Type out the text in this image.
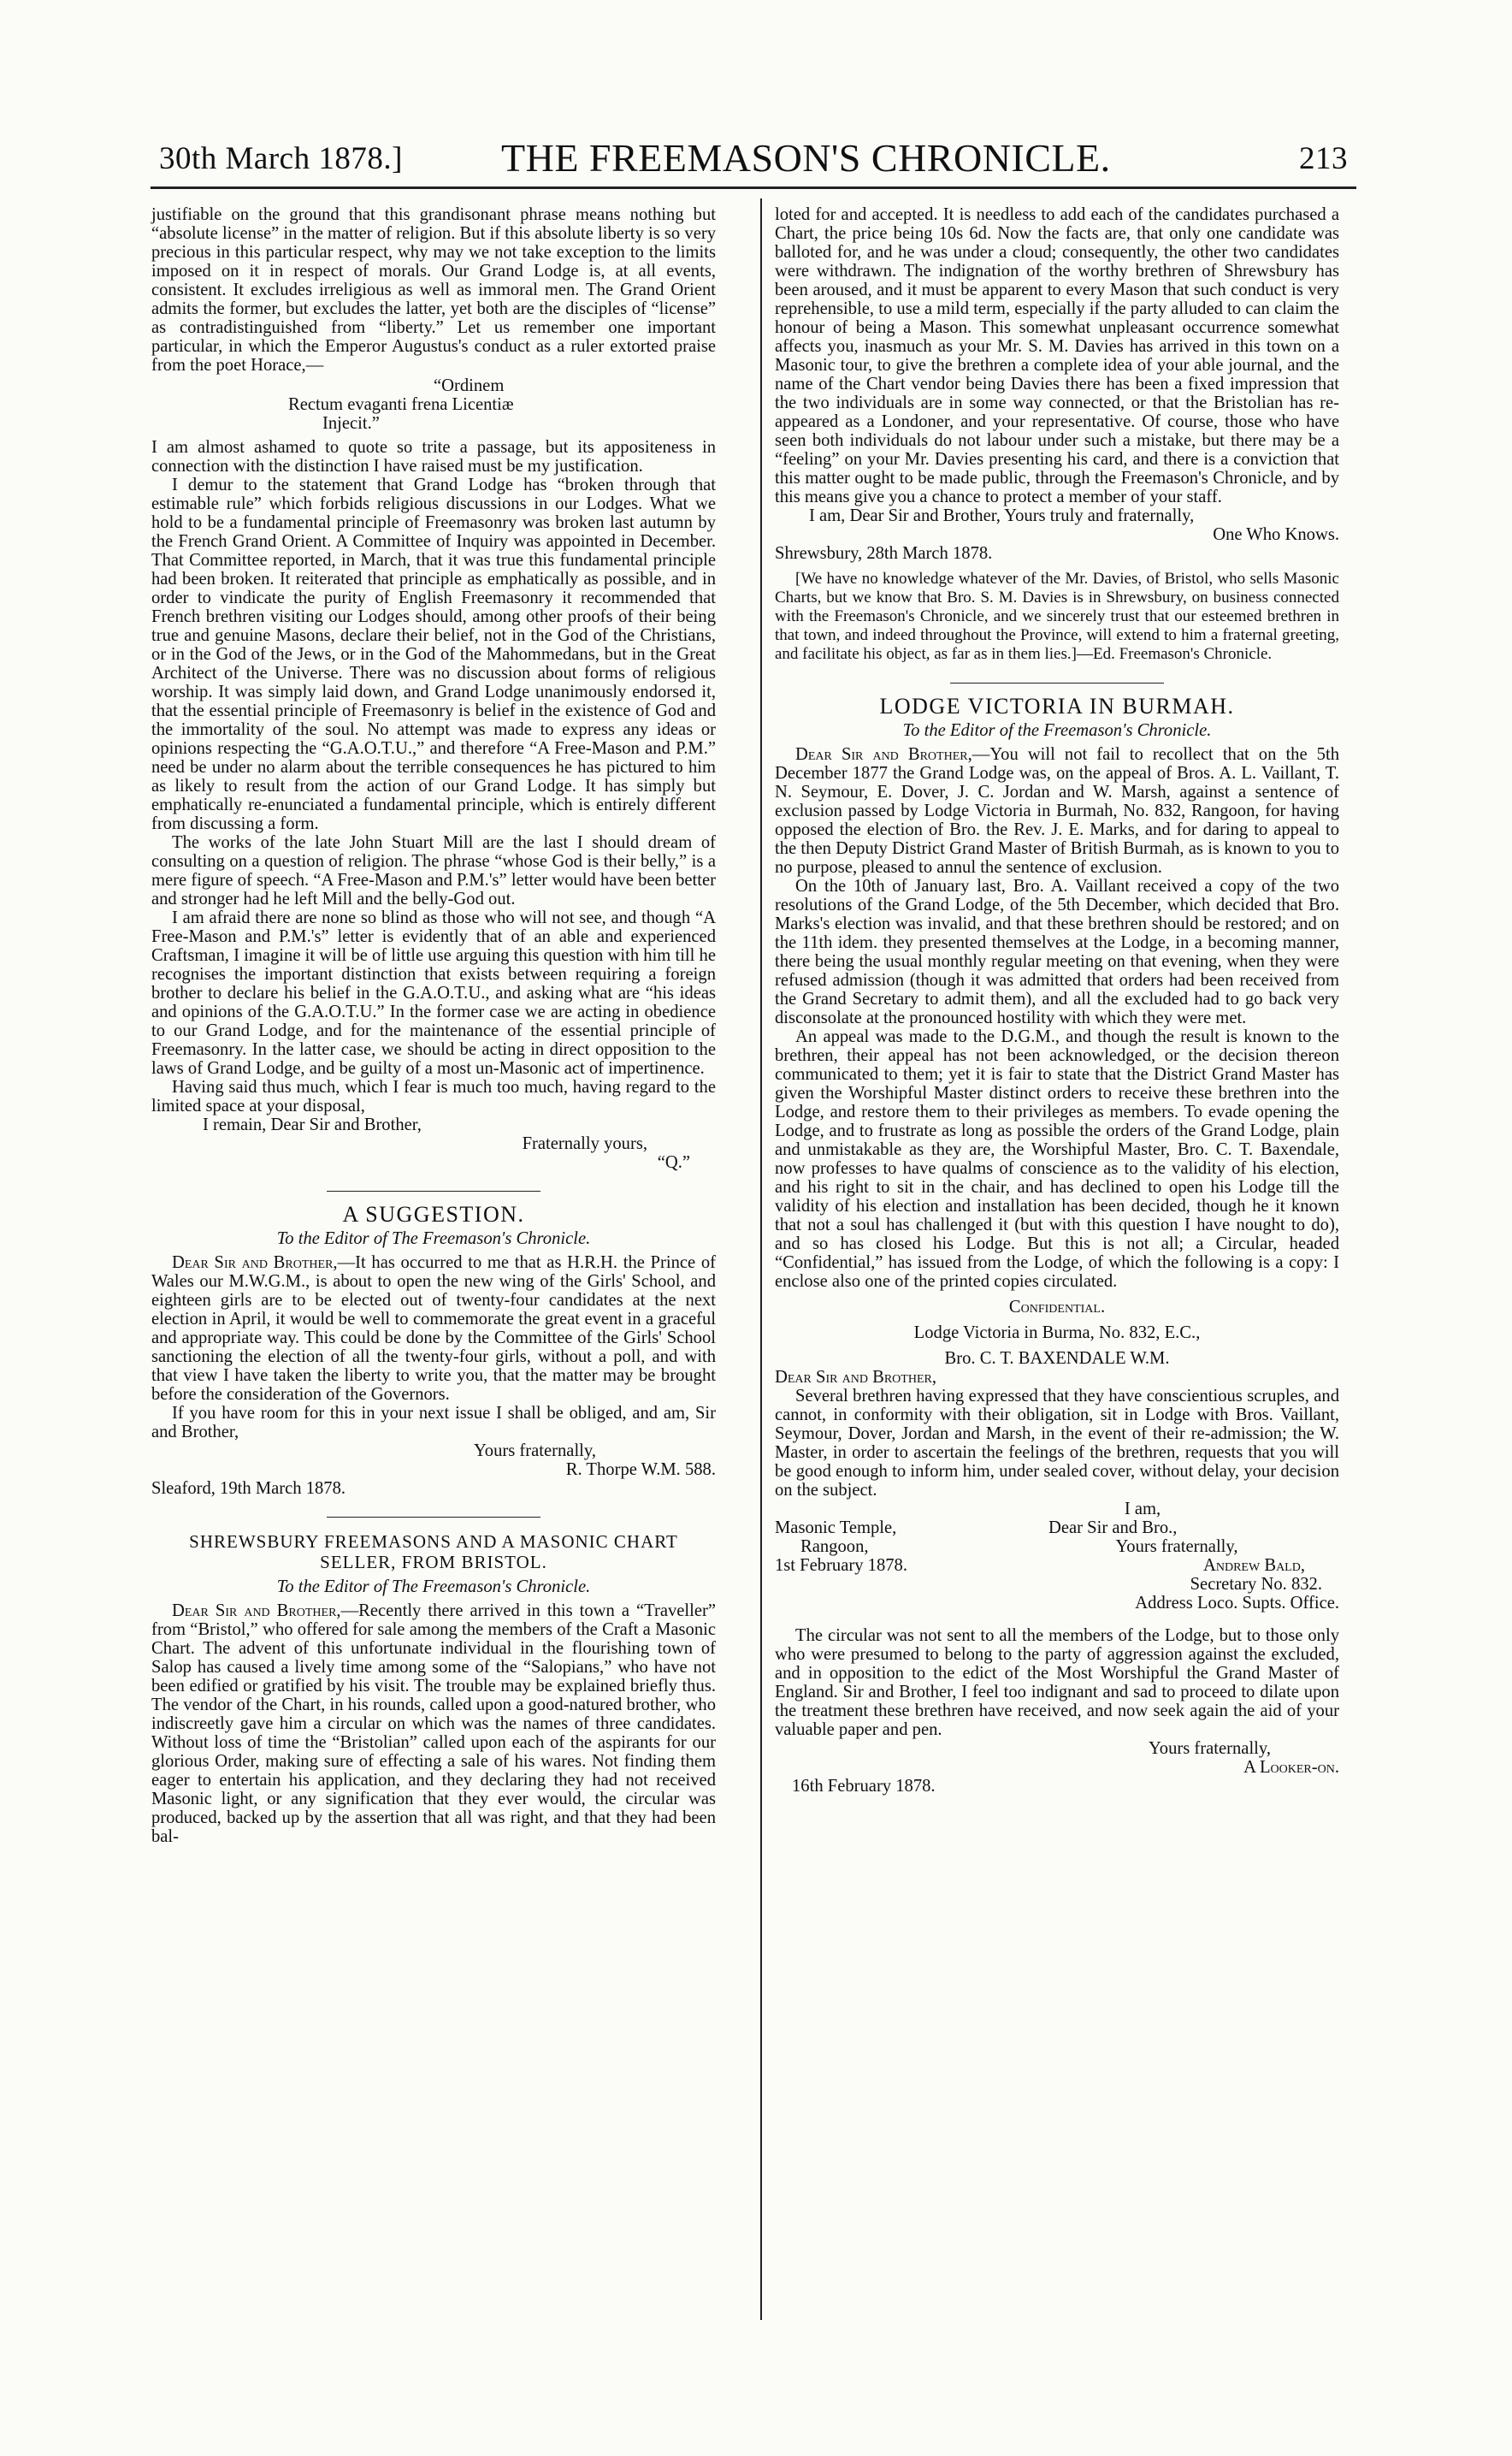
30th March 1878.]	THE FREEMASON'S CHRONICLE.	213

justifiable on the ground that this grandisonant phrase means nothing but “absolute license” in the matter of religion. But if this absolute liberty is so very precious in this particular respect, why may we not take exception to the limits imposed on it in respect of morals. Our Grand Lodge is, at all events, consistent. It excludes irreligious as well as immoral men. The Grand Orient admits the former, but excludes the latter, yet both are the disciples of “license” as contradistinguished from “liberty.” Let us remember one important particular, in which the Emperor Augustus's conduct as a ruler extorted praise from the poet Horace,—

“Ordinem
Rectum evaganti frena Licentiæ
Injecit.”

I am almost ashamed to quote so trite a passage, but its appositeness in connection with the distinction I have raised must be my justification.

I demur to the statement that Grand Lodge has “broken through that estimable rule” which forbids religious discussions in our Lodges. What we hold to be a fundamental principle of Freemasonry was broken last autumn by the French Grand Orient. A Committee of Inquiry was appointed in December. That Committee reported, in March, that it was true this fundamental principle had been broken. It reiterated that principle as emphatically as possible, and in order to vindicate the purity of English Freemasonry it recommended that French brethren visiting our Lodges should, among other proofs of their being true and genuine Masons, declare their belief, not in the God of the Christians, or in the God of the Jews, or in the God of the Mahommedans, but in the Great Architect of the Universe. There was no discussion about forms of religious worship. It was simply laid down, and Grand Lodge unanimously endorsed it, that the essential principle of Freemasonry is belief in the existence of God and the immortality of the soul. No attempt was made to express any ideas or opinions respecting the “G.A.O.T.U.,” and therefore “A Free-Mason and P.M.” need be under no alarm about the terrible consequences he has pictured to him as likely to result from the action of our Grand Lodge. It has simply but emphatically re-enunciated a fundamental principle, which is entirely different from discussing a form.

The works of the late John Stuart Mill are the last I should dream of consulting on a question of religion. The phrase “whose God is their belly,” is a mere figure of speech. “A Free-Mason and P.M.'s” letter would have been better and stronger had he left Mill and the belly-God out.

I am afraid there are none so blind as those who will not see, and though “A Free-Mason and P.M.'s” letter is evidently that of an able and experienced Craftsman, I imagine it will be of little use arguing this question with him till he recognises the important distinction that exists between requiring a foreign brother to declare his belief in the G.A.O.T.U., and asking what are “his ideas and opinions of the G.A.O.T.U.” In the former case we are acting in obedience to our Grand Lodge, and for the maintenance of the essential principle of Freemasonry. In the latter case, we should be acting in direct opposition to the laws of Grand Lodge, and be guilty of a most un-Masonic act of impertinence.

Having said thus much, which I fear is much too much, having regard to the limited space at your disposal,

I remain, Dear Sir and Brother,

Fraternally yours,

“Q.”

A SUGGESTION.
To the Editor of The Freemason's Chronicle.

Dear Sir and Brother,—It has occurred to me that as H.R.H. the Prince of Wales our M.W.G.M., is about to open the new wing of the Girls' School, and eighteen girls are to be elected out of twenty-four candidates at the next election in April, it would be well to commemorate the great event in a graceful and appropriate way. This could be done by the Committee of the Girls' School sanctioning the election of all the twenty-four girls, without a poll, and with that view I have taken the liberty to write you, that the matter may be brought before the consideration of the Governors.

If you have room for this in your next issue I shall be obliged, and am, Sir and Brother,

Yours fraternally,

R. Thorpe W.M. 588.

Sleaford, 19th March 1878.

SHREWSBURY FREEMASONS AND A MASONIC CHART SELLER, FROM BRISTOL.
To the Editor of The Freemason's Chronicle.

Dear Sir and Brother,—Recently there arrived in this town a “Traveller” from “Bristol,” who offered for sale among the members of the Craft a Masonic Chart. The advent of this unfortunate individual in the flourishing town of Salop has caused a lively time among some of the “Salopians,” who have not been edified or gratified by his visit. The trouble may be explained briefly thus. The vendor of the Chart, in his rounds, called upon a good-natured brother, who indiscreetly gave him a circular on which was the names of three candidates. Without loss of time the “Bristolian” called upon each of the aspirants for our glorious Order, making sure of effecting a sale of his wares. Not finding them eager to entertain his application, and they declaring they had not received Masonic light, or any signification that they ever would, the circular was produced, backed up by the assertion that all was right, and that they had been bal-

loted for and accepted. It is needless to add each of the candidates purchased a Chart, the price being 10s 6d. Now the facts are, that only one candidate was balloted for, and he was under a cloud; consequently, the other two candidates were withdrawn. The indignation of the worthy brethren of Shrewsbury has been aroused, and it must be apparent to every Mason that such conduct is very reprehensible, to use a mild term, especially if the party alluded to can claim the honour of being a Mason. This somewhat unpleasant occurrence somewhat affects you, inasmuch as your Mr. S. M. Davies has arrived in this town on a Masonic tour, to give the brethren a complete idea of your able journal, and the name of the Chart vendor being Davies there has been a fixed impression that the two individuals are in some way connected, or that the Bristolian has re-appeared as a Londoner, and your representative. Of course, those who have seen both individuals do not labour under such a mistake, but there may be a “feeling” on your Mr. Davies presenting his card, and there is a conviction that this matter ought to be made public, through the Freemason's Chronicle, and by this means give you a chance to protect a member of your staff.

I am, Dear Sir and Brother, Yours truly and fraternally,

One Who Knows.

Shrewsbury, 28th March 1878.

[We have no knowledge whatever of the Mr. Davies, of Bristol, who sells Masonic Charts, but we know that Bro. S. M. Davies is in Shrewsbury, on business connected with the Freemason's Chronicle, and we sincerely trust that our esteemed brethren in that town, and indeed throughout the Province, will extend to him a fraternal greeting, and facilitate his object, as far as in them lies.]—Ed. Freemason's Chronicle.

LODGE VICTORIA IN BURMAH.
To the Editor of the Freemason's Chronicle.

Dear Sir and Brother,—You will not fail to recollect that on the 5th December 1877 the Grand Lodge was, on the appeal of Bros. A. L. Vaillant, T. N. Seymour, E. Dover, J. C. Jordan and W. Marsh, against a sentence of exclusion passed by Lodge Victoria in Burmah, No. 832, Rangoon, for having opposed the election of Bro. the Rev. J. E. Marks, and for daring to appeal to the then Deputy District Grand Master of British Burmah, as is known to you to no purpose, pleased to annul the sentence of exclusion.

On the 10th of January last, Bro. A. Vaillant received a copy of the two resolutions of the Grand Lodge, of the 5th December, which decided that Bro. Marks's election was invalid, and that these brethren should be restored; and on the 11th idem. they presented themselves at the Lodge, in a becoming manner, there being the usual monthly regular meeting on that evening, when they were refused admission (though it was admitted that orders had been received from the Grand Secretary to admit them), and all the excluded had to go back very disconsolate at the pronounced hostility with which they were met.

An appeal was made to the D.G.M., and though the result is known to the brethren, their appeal has not been acknowledged, or the decision thereon communicated to them; yet it is fair to state that the District Grand Master has given the Worshipful Master distinct orders to receive these brethren into the Lodge, and restore them to their privileges as members. To evade opening the Lodge, and to frustrate as long as possible the orders of the Grand Lodge, plain and unmistakable as they are, the Worshipful Master, Bro. C. T. Baxendale, now professes to have qualms of conscience as to the validity of his election, and his right to sit in the chair, and has declined to open his Lodge till the validity of his election and installation has been decided, though he it known that not a soul has challenged it (but with this question I have nought to do), and so has closed his Lodge. But this is not all; a Circular, headed “Confidential,” has issued from the Lodge, of which the following is a copy: I enclose also one of the printed copies circulated.

Confidential.

Lodge Victoria in Burma, No. 832, E.C.,

Bro. C. T. BAXENDALE W.M.

Dear Sir and Brother,

Several brethren having expressed that they have conscientious scruples, and cannot, in conformity with their obligation, sit in Lodge with Bros. Vaillant, Seymour, Dover, Jordan and Marsh, in the event of their re-admission; the W. Master, in order to ascertain the feelings of the brethren, requests that you will be good enough to inform him, under sealed cover, without delay, your decision on the subject.

I am,

Masonic Temple,
Rangoon,
1st February 1878.
Dear Sir and Bro.,
Yours fraternally,
Andrew Bald,
Secretary No. 832.
Address Loco. Supts. Office.

The circular was not sent to all the members of the Lodge, but to those only who were presumed to belong to the party of aggression against the excluded, and in opposition to the edict of the Most Worshipful the Grand Master of England. Sir and Brother, I feel too indignant and sad to proceed to dilate upon the treatment these brethren have received, and now seek again the aid of your valuable paper and pen.

Yours fraternally,

A Looker-on.

16th February 1878.
